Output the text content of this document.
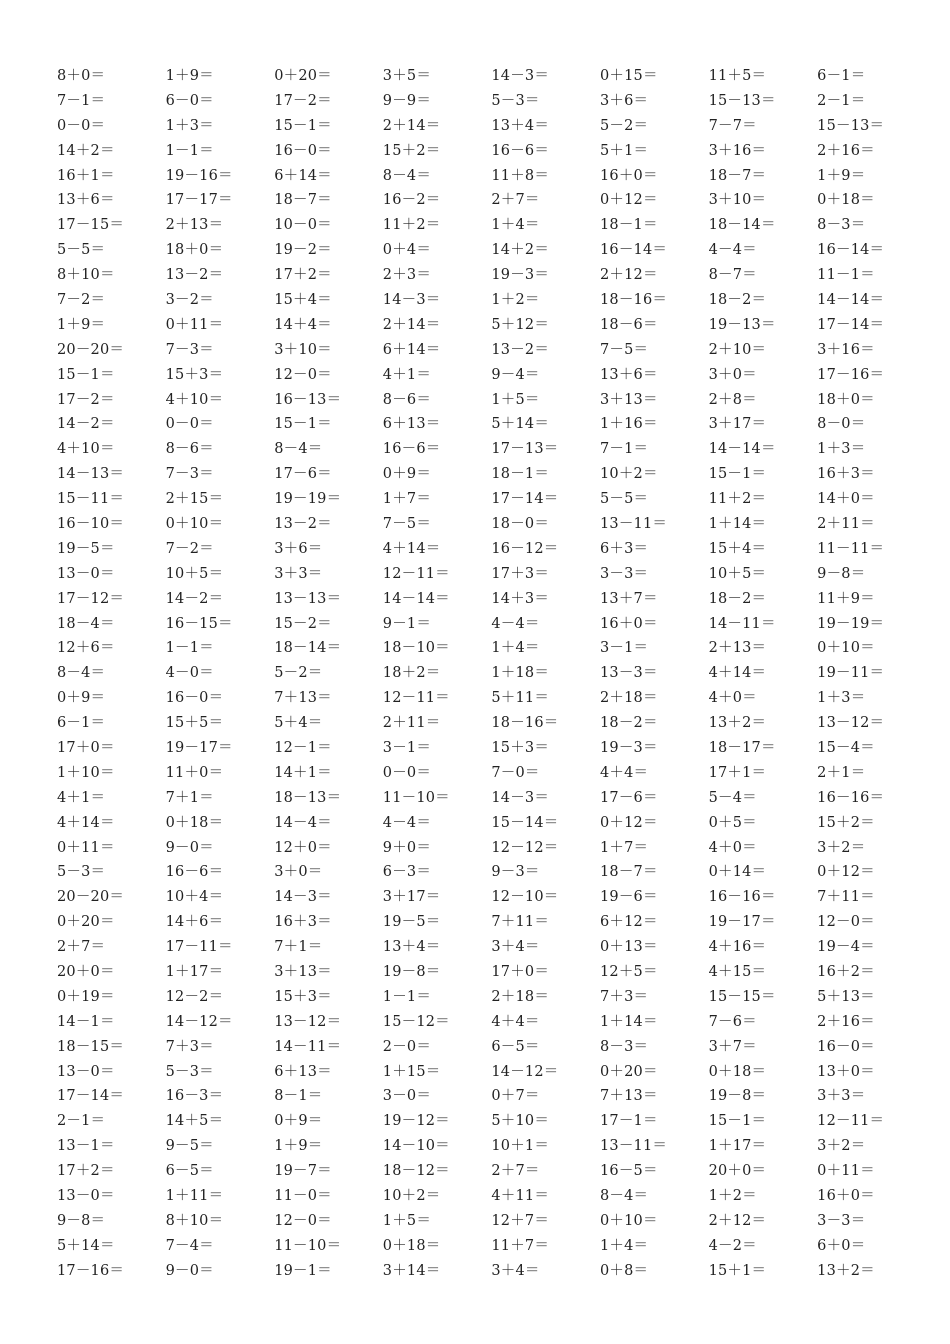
8＋0＝	1＋9＝	0＋20＝	3＋5＝	14－3＝	0＋15＝	11＋5＝	6－1＝
7－1＝	6－0＝	17－2＝	9－9＝	5－3＝	3＋6＝	15－13＝	2－1＝
0－0＝	1＋3＝	15－1＝	2＋14＝	13＋4＝	5－2＝	7－7＝	15－13＝
14＋2＝	1－1＝	16－0＝	15＋2＝	16－6＝	5＋1＝	3＋16＝	2＋16＝
16＋1＝	19－16＝	6＋14＝	8－4＝	11＋8＝	16＋0＝	18－7＝	1＋9＝
13＋6＝	17－17＝	18－7＝	16－2＝	2＋7＝	0＋12＝	3＋10＝	0＋18＝
17－15＝	2＋13＝	10－0＝	11＋2＝	1＋4＝	18－1＝	18－14＝	8－3＝
5－5＝	18＋0＝	19－2＝	0＋4＝	14＋2＝	16－14＝	4－4＝	16－14＝
8＋10＝	13－2＝	17＋2＝	2＋3＝	19－3＝	2＋12＝	8－7＝	11－1＝
7－2＝	3－2＝	15＋4＝	14－3＝	1＋2＝	18－16＝	18－2＝	14－14＝
1＋9＝	0＋11＝	14＋4＝	2＋14＝	5＋12＝	18－6＝	19－13＝	17－14＝
20－20＝	7－3＝	3＋10＝	6＋14＝	13－2＝	7－5＝	2＋10＝	3＋16＝
15－1＝	15＋3＝	12－0＝	4＋1＝	9－4＝	13＋6＝	3＋0＝	17－16＝
17－2＝	4＋10＝	16－13＝	8－6＝	1＋5＝	3＋13＝	2＋8＝	18＋0＝
14－2＝	0－0＝	15－1＝	6＋13＝	5＋14＝	1＋16＝	3＋17＝	8－0＝
4＋10＝	8－6＝	8－4＝	16－6＝	17－13＝	7－1＝	14－14＝	1＋3＝
14－13＝	7－3＝	17－6＝	0＋9＝	18－1＝	10＋2＝	15－1＝	16＋3＝
15－11＝	2＋15＝	19－19＝	1＋7＝	17－14＝	5－5＝	11＋2＝	14＋0＝
16－10＝	0＋10＝	13－2＝	7－5＝	18－0＝	13－11＝	1＋14＝	2＋11＝
19－5＝	7－2＝	3＋6＝	4＋14＝	16－12＝	6＋3＝	15＋4＝	11－11＝
13－0＝	10＋5＝	3＋3＝	12－11＝	17＋3＝	3－3＝	10＋5＝	9－8＝
17－12＝	14－2＝	13－13＝	14－14＝	14＋3＝	13＋7＝	18－2＝	11＋9＝
18－4＝	16－15＝	15－2＝	9－1＝	4－4＝	16＋0＝	14－11＝	19－19＝
12＋6＝	1－1＝	18－14＝	18－10＝	1＋4＝	3－1＝	2＋13＝	0＋10＝
8－4＝	4－0＝	5－2＝	18＋2＝	1＋18＝	13－3＝	4＋14＝	19－11＝
0＋9＝	16－0＝	7＋13＝	12－11＝	5＋11＝	2＋18＝	4＋0＝	1＋3＝
6－1＝	15＋5＝	5＋4＝	2＋11＝	18－16＝	18－2＝	13＋2＝	13－12＝
17＋0＝	19－17＝	12－1＝	3－1＝	15＋3＝	19－3＝	18－17＝	15－4＝
1＋10＝	11＋0＝	14＋1＝	0－0＝	7－0＝	4＋4＝	17＋1＝	2＋1＝
4＋1＝	7＋1＝	18－13＝	11－10＝	14－3＝	17－6＝	5－4＝	16－16＝
4＋14＝	0＋18＝	14－4＝	4－4＝	15－14＝	0＋12＝	0＋5＝	15＋2＝
0＋11＝	9－0＝	12＋0＝	9＋0＝	12－12＝	1＋7＝	4＋0＝	3＋2＝
5－3＝	16－6＝	3＋0＝	6－3＝	9－3＝	18－7＝	0＋14＝	0＋12＝
20－20＝	10＋4＝	14－3＝	3＋17＝	12－10＝	19－6＝	16－16＝	7＋11＝
0＋20＝	14＋6＝	16＋3＝	19－5＝	7＋11＝	6＋12＝	19－17＝	12－0＝
2＋7＝	17－11＝	7＋1＝	13＋4＝	3＋4＝	0＋13＝	4＋16＝	19－4＝
20＋0＝	1＋17＝	3＋13＝	19－8＝	17＋0＝	12＋5＝	4＋15＝	16＋2＝
0＋19＝	12－2＝	15＋3＝	1－1＝	2＋18＝	7＋3＝	15－15＝	5＋13＝
14－1＝	14－12＝	13－12＝	15－12＝	4＋4＝	1＋14＝	7－6＝	2＋16＝
18－15＝	7＋3＝	14－11＝	2－0＝	6－5＝	8－3＝	3＋7＝	16－0＝
13－0＝	5－3＝	6＋13＝	1＋15＝	14－12＝	0＋20＝	0＋18＝	13＋0＝
17－14＝	16－3＝	8－1＝	3－0＝	0＋7＝	7＋13＝	19－8＝	3＋3＝
2－1＝	14＋5＝	0＋9＝	19－12＝	5＋10＝	17－1＝	15－1＝	12－11＝
13－1＝	9－5＝	1＋9＝	14－10＝	10＋1＝	13－11＝	1＋17＝	3＋2＝
17＋2＝	6－5＝	19－7＝	18－12＝	2＋7＝	16－5＝	20＋0＝	0＋11＝
13－0＝	1＋11＝	11－0＝	10＋2＝	4＋11＝	8－4＝	1＋2＝	16＋0＝
9－8＝	8＋10＝	12－0＝	1＋5＝	12＋7＝	0＋10＝	2＋12＝	3－3＝
5＋14＝	7－4＝	11－10＝	0＋18＝	11＋7＝	1＋4＝	4－2＝	6＋0＝
17－16＝	9－0＝	19－1＝	3＋14＝	3＋4＝	0＋8＝	15＋1＝	13＋2＝
